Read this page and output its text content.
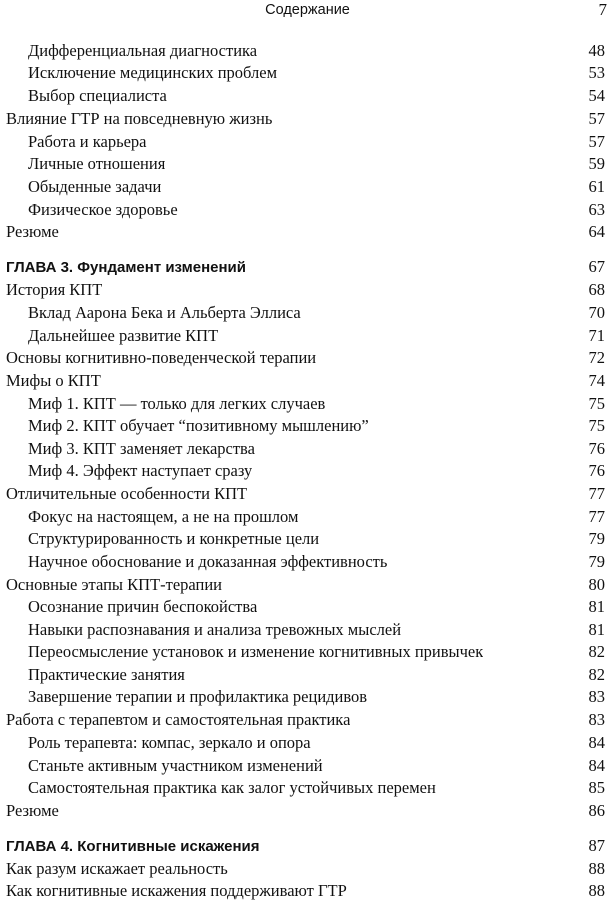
Содержание	7
Дифференциальная диагностика	48
Исключение медицинских проблем	53
Выбор специалиста	54
Влияние ГТР на повседневную жизнь	57
Работа и карьера	57
Личные отношения	59
Обыденные задачи	61
Физическое здоровье	63
Резюме	64
ГЛАВА 3. Фундамент изменений	67
История КПТ	68
Вклад Аарона Бека и Альберта Эллиса	70
Дальнейшее развитие КПТ	71
Основы когнитивно-поведенческой терапии	72
Мифы о КПТ	74
Миф 1. КПТ — только для легких случаев	75
Миф 2. КПТ обучает “позитивному мышлению”	75
Миф 3. КПТ заменяет лекарства	76
Миф 4. Эффект наступает сразу	76
Отличительные особенности КПТ	77
Фокус на настоящем, а не на прошлом	77
Структурированность и конкретные цели	79
Научное обоснование и доказанная эффективность	79
Основные этапы КПТ-терапии	80
Осознание причин беспокойства	81
Навыки распознавания и анализа тревожных мыслей	81
Переосмысление установок и изменение когнитивных привычек	82
Практические занятия	82
Завершение терапии и профилактика рецидивов	83
Работа с терапевтом и самостоятельная практика	83
Роль терапевта: компас, зеркало и опора	84
Станьте активным участником изменений	84
Самостоятельная практика как залог устойчивых перемен	85
Резюме	86
ГЛАВА 4. Когнитивные искажения	87
Как разум искажает реальность	88
Как когнитивные искажения поддерживают ГТР	88
